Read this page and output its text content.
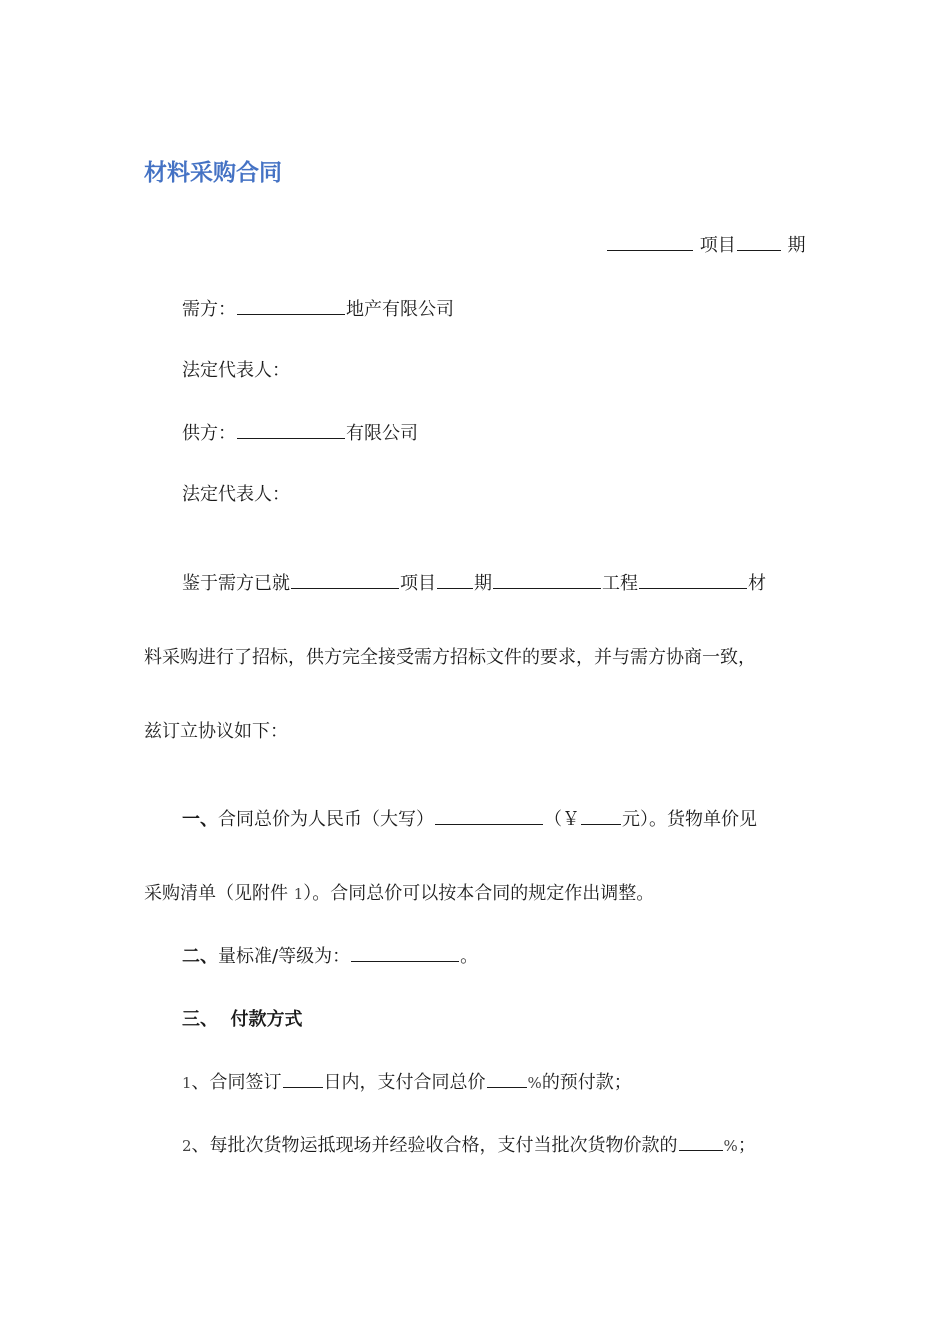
材料采购合同
项目	期
需方：	地产有限公司
法定代表人：
供方：	有限公司
法定代表人：
鉴于需方已就	项目 期	工程	材
料采购进行了招标，供方完全接受需方招标文件的要求，并与需方协商一致，
兹订立协议如下：
一、合同总价为人民币（大写）	（￥ 元）。货物单价见
采购清单（见附件 1）。合同总价可以按本合同的规定作出调整。
二、量标准/等级为：	。
三、 付款方式
1、合同签订 日内，支付合同总价	%的预付款；
2、每批次货物运抵现场并经验收合格，支付当批次货物价款的	%；
